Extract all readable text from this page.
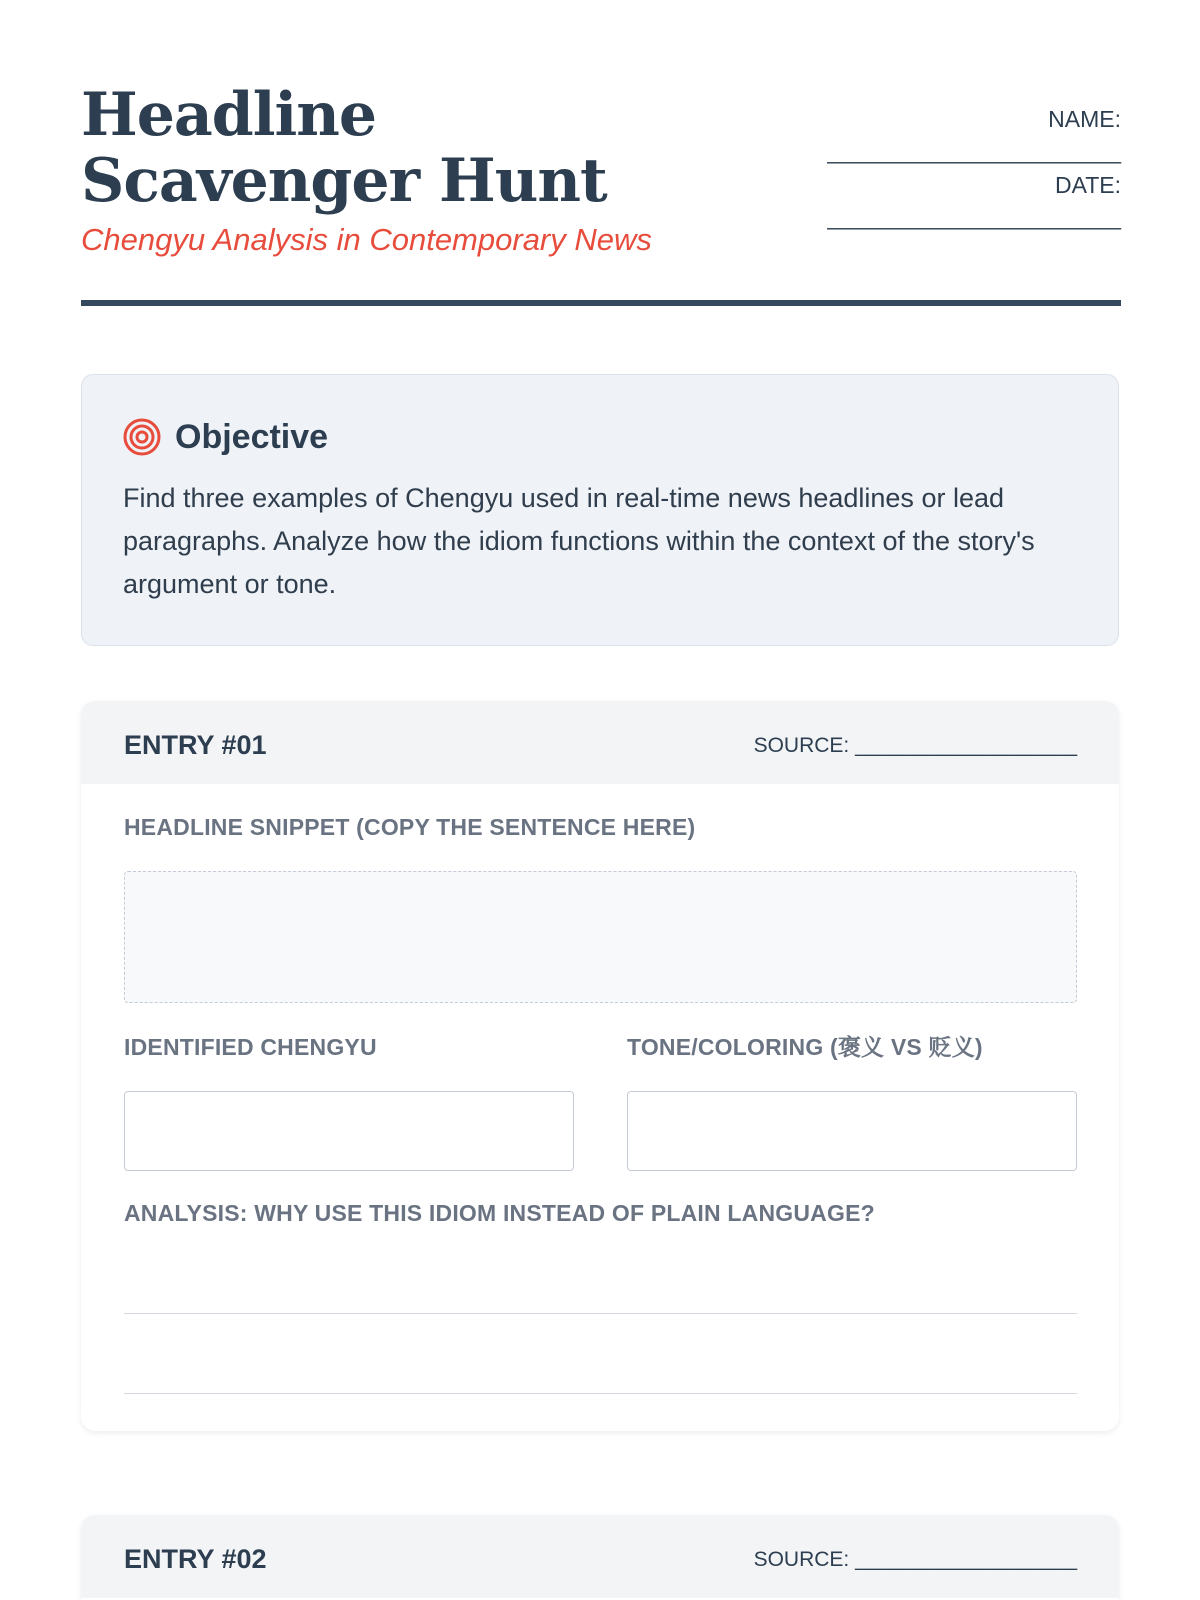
Headline Scavenger Hunt
Chengyu Analysis in Contemporary News
NAME:
________________________
DATE:
________________________
Objective
Find three examples of Chengyu used in real-time news headlines or lead paragraphs. Analyze how the idiom functions within the context of the story's argument or tone.
ENTRY #01	SOURCE: ___________________
HEADLINE SNIPPET (COPY THE SENTENCE HERE)
IDENTIFIED CHENGYU	TONE/COLORING (褒义 VS 贬义)
ANALYSIS: WHY USE THIS IDIOM INSTEAD OF PLAIN LANGUAGE?
ENTRY #02	SOURCE: ___________________
